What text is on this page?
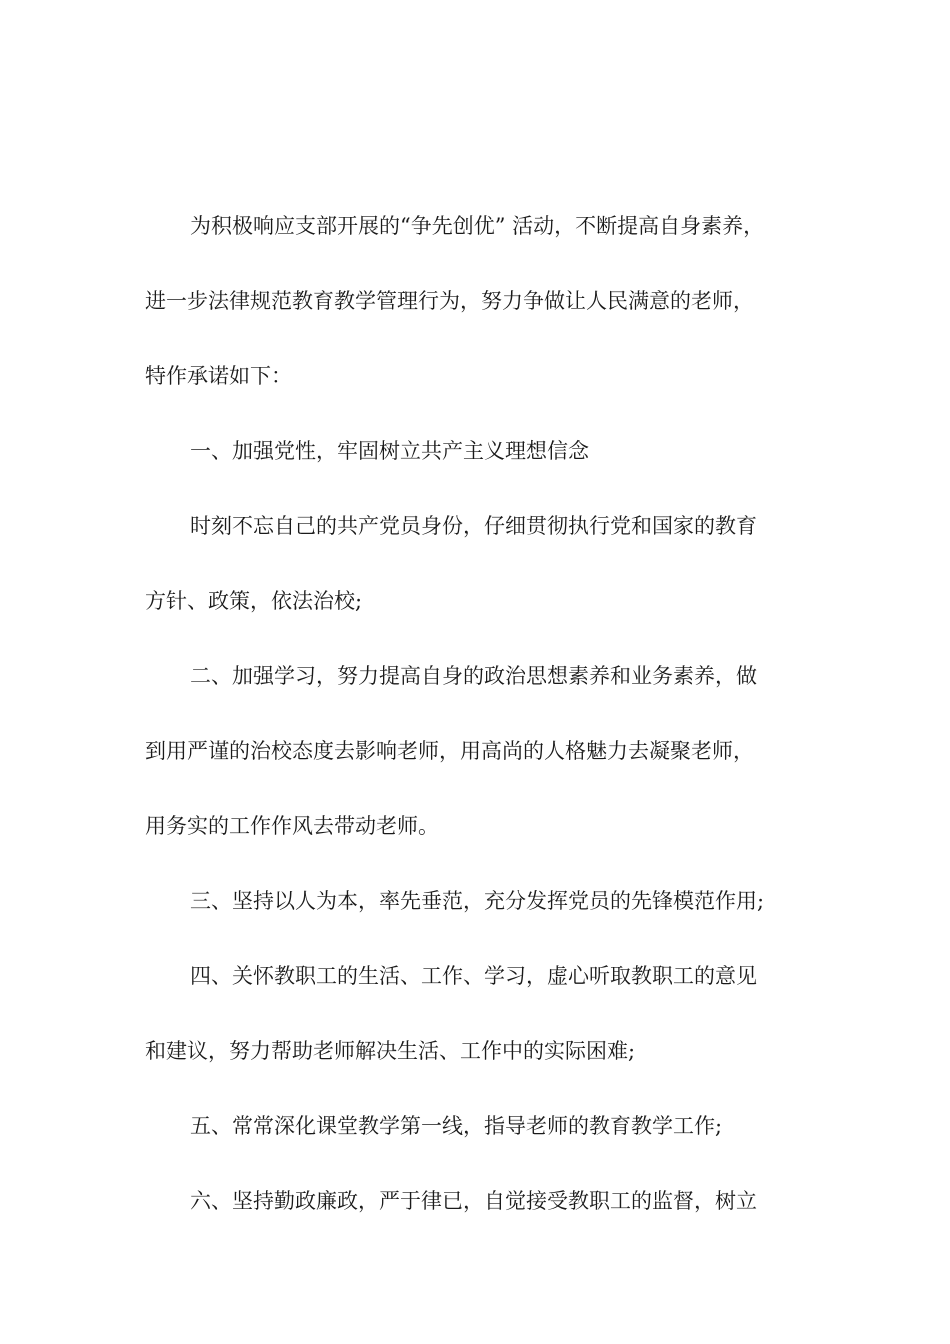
为积极响应支部开展的“争先创优” 活动，不断提高自身素养，

进一步法律规范教育教学管理行为，努力争做让人民满意的老师，

特作承诺如下：

一、加强党性，牢固树立共产主义理想信念

时刻不忘自己的共产党员身份，仔细贯彻执行党和国家的教育

方针、政策，依法治校;

二、加强学习，努力提高自身的政治思想素养和业务素养，做

到用严谨的治校态度去影响老师，用高尚的人格魅力去凝聚老师，

用务实的工作作风去带动老师。

三、坚持以人为本，率先垂范，充分发挥党员的先锋模范作用;

四、关怀教职工的生活、工作、学习，虚心听取教职工的意见

和建议，努力帮助老师解决生活、工作中的实际困难;

五、常常深化课堂教学第一线，指导老师的教育教学工作;

六、坚持勤政廉政，严于律已，自觉接受教职工的监督，树立
